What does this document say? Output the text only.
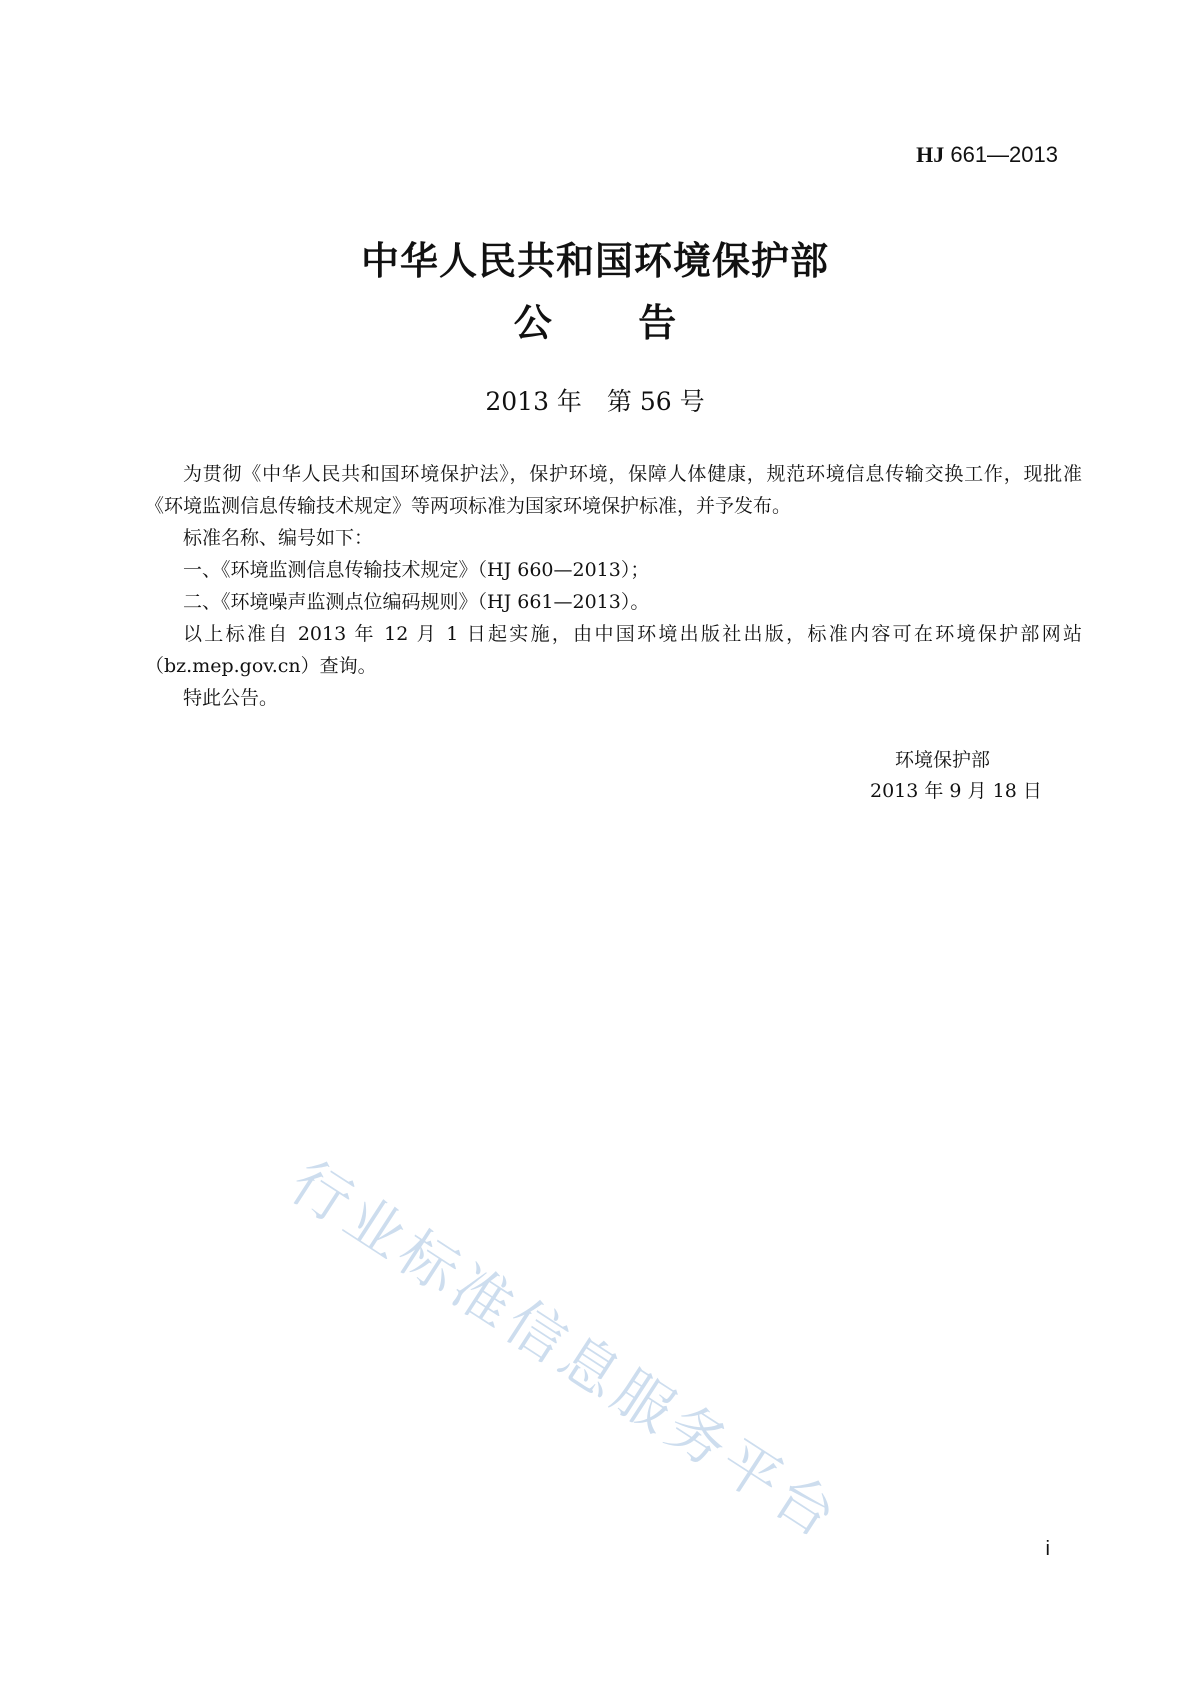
HJ 661—2013
中华人民共和国环境保护部
公 告
2013 年　第 56 号

为贯彻《中华人民共和国环境保护法》，保护环境，保障人体健康，规范环境信息传输交换工作，现批准《环境监测信息传输技术规定》等两项标准为国家环境保护标准，并予发布。

标准名称、编号如下：

一、《环境监测信息传输技术规定》（HJ 660—2013）；

二、《环境噪声监测点位编码规则》（HJ 661—2013）。

以上标准自 2013 年 12 月 1 日起实施，由中国环境出版社出版，标准内容可在环境保护部网站（bz.mep.gov.cn）查询。

特此公告。

环境保护部
2013 年 9 月 18 日
行业标准信息服务平台	i
